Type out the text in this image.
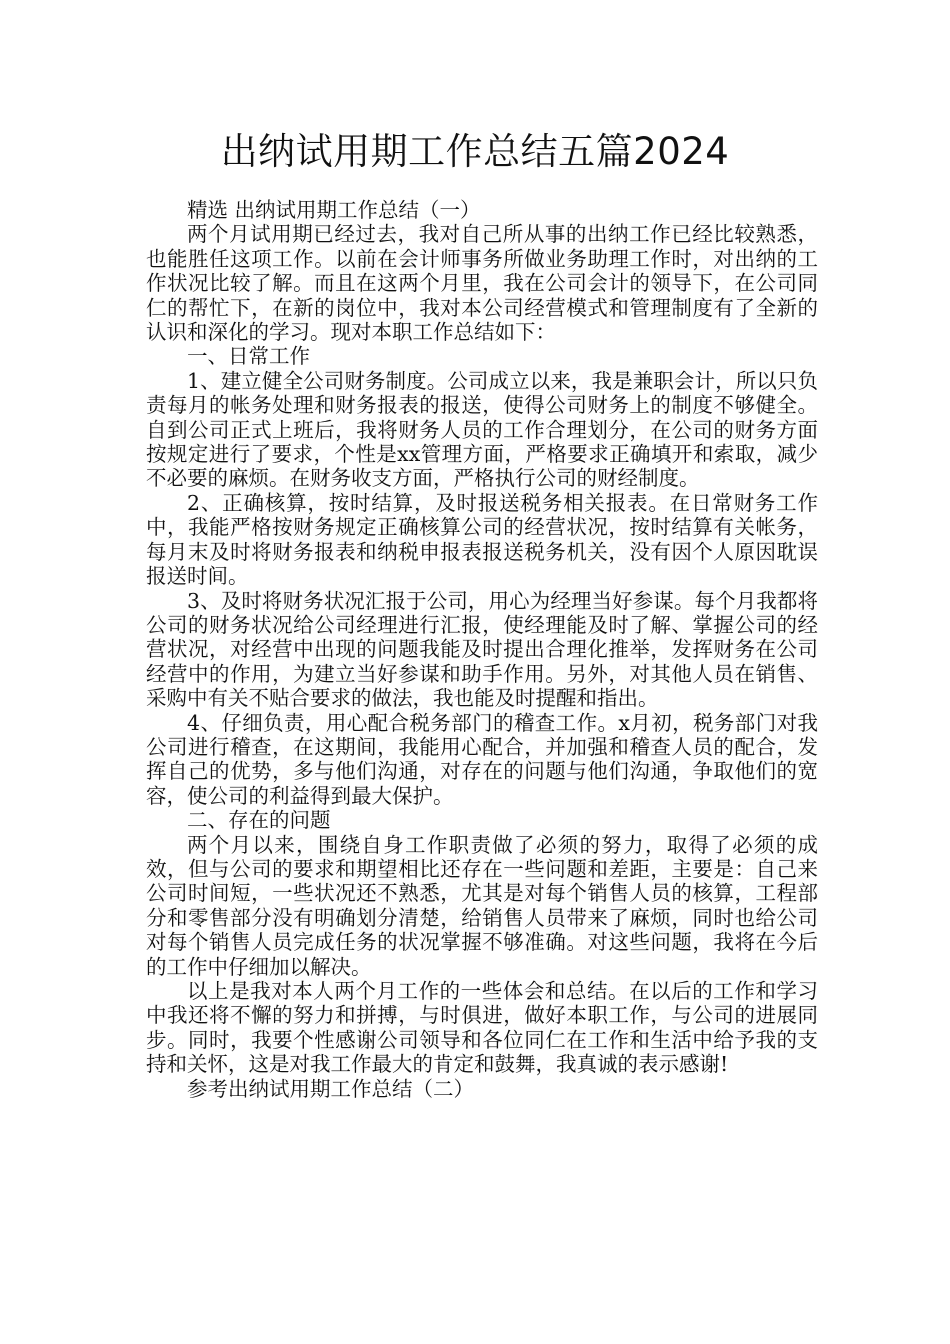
出纳试用期工作总结五篇2024

精选 出纳试用期工作总结（一）

两个月试用期已经过去，我对自己所从事的出纳工作已经比较熟悉，也能胜任这项工作。以前在会计师事务所做业务助理工作时，对出纳的工作状况比较了解。而且在这两个月里，我在公司会计的领导下，在公司同仁的帮忙下，在新的岗位中，我对本公司经营模式和管理制度有了全新的认识和深化的学习。现对本职工作总结如下：

一、日常工作

1、建立健全公司财务制度。公司成立以来，我是兼职会计，所以只负责每月的帐务处理和财务报表的报送，使得公司财务上的制度不够健全。自到公司正式上班后，我将财务人员的工作合理划分，在公司的财务方面按规定进行了要求，个性是xx管理方面，严格要求正确填开和索取，减少不必要的麻烦。在财务收支方面，严格执行公司的财经制度。

2、正确核算，按时结算，及时报送税务相关报表。在日常财务工作中，我能严格按财务规定正确核算公司的经营状况，按时结算有关帐务，每月末及时将财务报表和纳税申报表报送税务机关，没有因个人原因耽误报送时间。

3、及时将财务状况汇报于公司，用心为经理当好参谋。每个月我都将公司的财务状况给公司经理进行汇报，使经理能及时了解、掌握公司的经营状况，对经营中出现的问题我能及时提出合理化推举，发挥财务在公司经营中的作用，为建立当好参谋和助手作用。另外，对其他人员在销售、采购中有关不贴合要求的做法，我也能及时提醒和指出。

4、仔细负责，用心配合税务部门的稽查工作。x月初，税务部门对我公司进行稽查，在这期间，我能用心配合，并加强和稽查人员的配合，发挥自己的优势，多与他们沟通，对存在的问题与他们沟通，争取他们的宽容，使公司的利益得到最大保护。

二、存在的问题

两个月以来，围绕自身工作职责做了必须的努力，取得了必须的成效，但与公司的要求和期望相比还存在一些问题和差距，主要是：自己来公司时间短，一些状况还不熟悉，尤其是对每个销售人员的核算，工程部分和零售部分没有明确划分清楚，给销售人员带来了麻烦，同时也给公司对每个销售人员完成任务的状况掌握不够准确。对这些问题，我将在今后的工作中仔细加以解决。

以上是我对本人两个月工作的一些体会和总结。在以后的工作和学习中我还将不懈的努力和拼搏，与时俱进，做好本职工作，与公司的进展同步。同时，我要个性感谢公司领导和各位同仁在工作和生活中给予我的支持和关怀，这是对我工作最大的肯定和鼓舞，我真诚的表示感谢!

参考出纳试用期工作总结（二）
